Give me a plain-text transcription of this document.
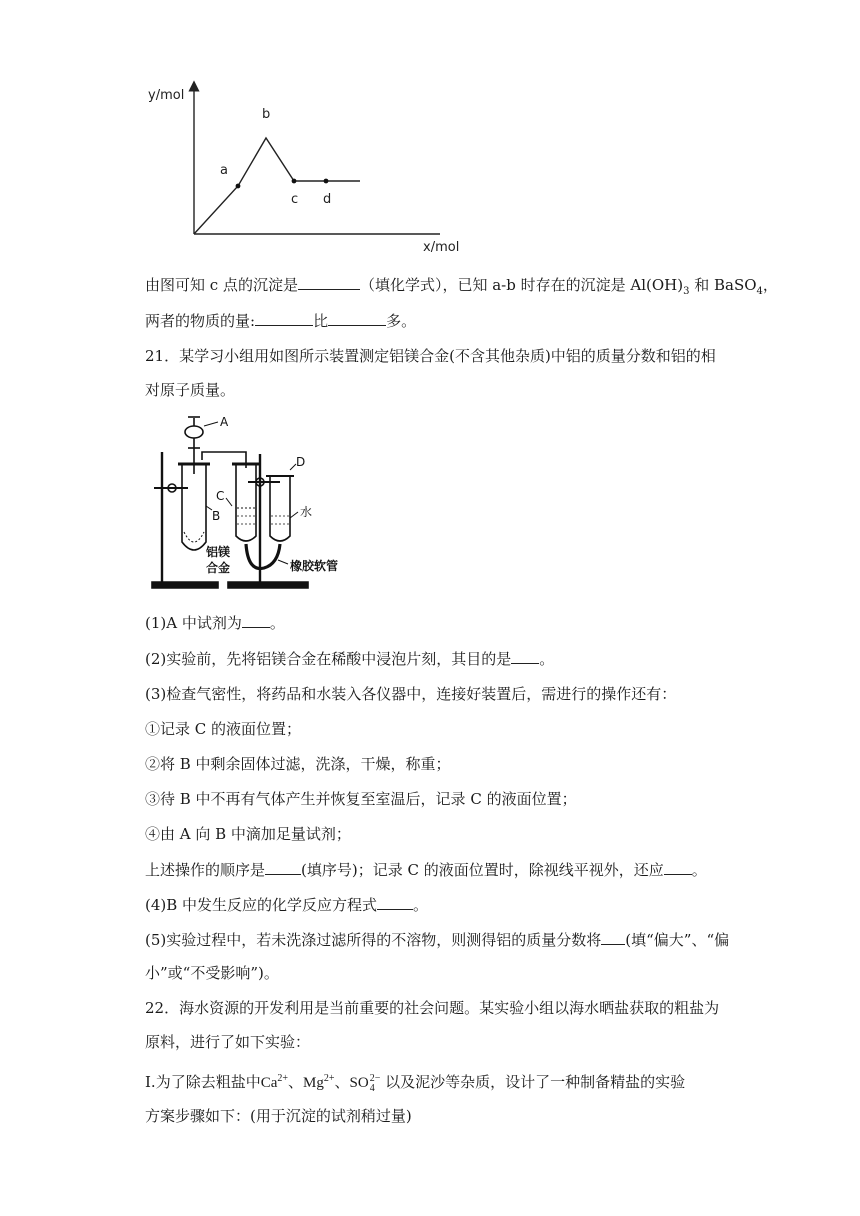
y/mol
x/mol
a
b
c d
由图可知 c 点的沉淀是	（填化学式），已知 a-b 时存在的沉淀是 $Al(OH)_3$ 和 BaSO$_4$，
两者的物质的量:	比	多。
21．某学习小组用如图所示装置测定铝镁合金(不含其他杂质)中铝的质量分数和铝的相
对原子质量。
A
B
C
D
水
铝镁
合金	橡胶软管
(1)A 中试剂为 。
(2)实验前，先将铝镁合金在稀酸中浸泡片刻，其目的是 。
(3)检查气密性，将药品和水装入各仪器中，连接好装置后，需进行的操作还有：
①记录 C 的液面位置；
②将 B 中剩余固体过滤，洗涤，干燥，称重；
③待 B 中不再有气体产生并恢复至室温后，记录 C 的液面位置；
④由 A 向 B 中滴加足量试剂；
上述操作的顺序是 (填序号)；记录 C 的液面位置时，除视线平视外，还应 。
(4)B 中发生反应的化学反应方程式 。
(5)实验过程中，若未洗涤过滤所得的不溶物，则测得铝的质量分数将 (填“偏大”、“偏
小”或“不受影响”)。
22．海水资源的开发利用是当前重要的社会问题。某实验小组以海水晒盐获取的粗盐为
原料，进行了如下实验：
Ⅰ.为了除去粗盐中$Ca^{2+}$、$Mg^{2+}$、SO 2−
4 以及泥沙等杂质，设计了一种制备精盐的实验
方案步骤如下：(用于沉淀的试剂稍过量)
